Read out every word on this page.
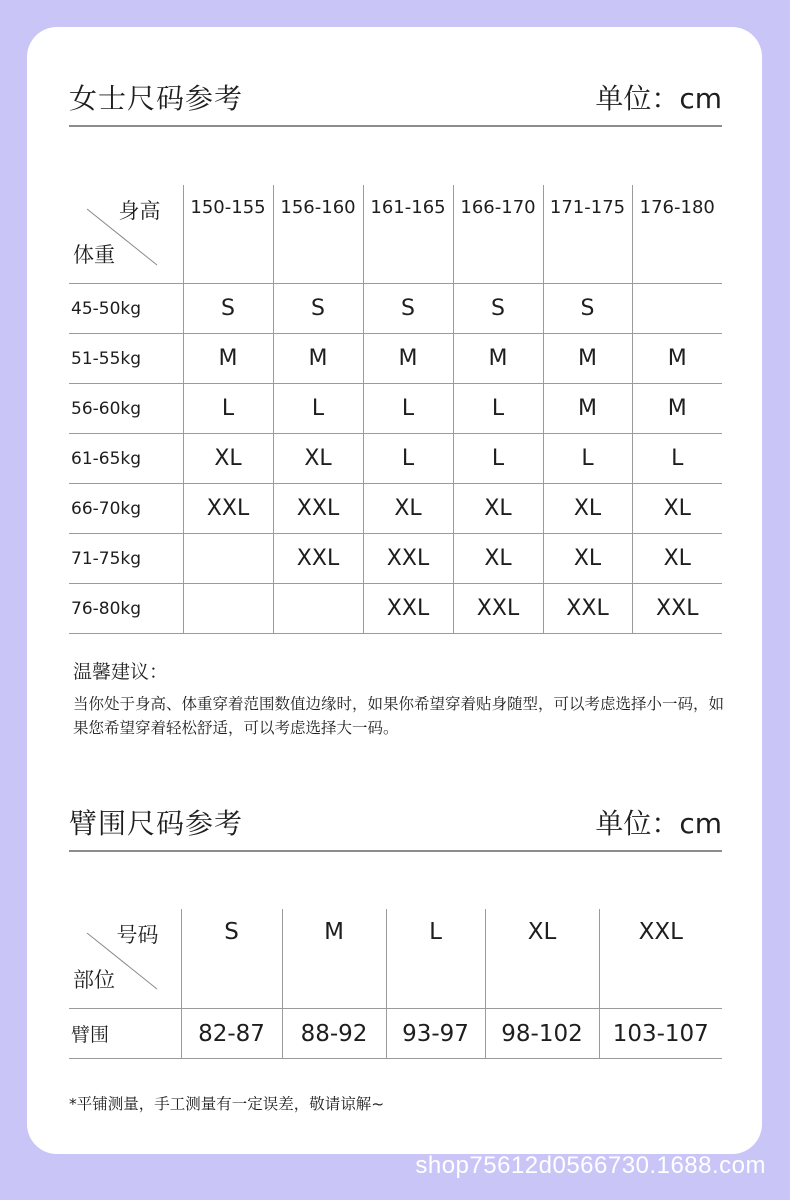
女士尺码参考	单位：cm
身高
体重	150-155	156-160	161-165	166-170	171-175	176-180

45-50kg	S	S	S	S	S	
51-55kg	M	M	M	M	M	M
56-60kg	L	L	L	L	M	M
61-65kg	XL	XL	L	L	L	L
66-70kg	XXL	XXL	XL	XL	XL	XL
71-75kg		XXL	XXL	XL	XL	XL
76-80kg			XXL	XXL	XXL	XXL
温馨建议：
当你处于身高、体重穿着范围数值边缘时，如果你希望穿着贴身随型，可以考虑选择小一码，如果您希望穿着轻松舒适，可以考虑选择大一码。
臂围尺码参考	单位：cm
号码
部位	S	M	L	XL	XXL

臂围	82-87	88-92	93-97	98-102	103-107
*平铺测量，手工测量有一定误差，敬请谅解~
shop75612d0566730.1688.com
